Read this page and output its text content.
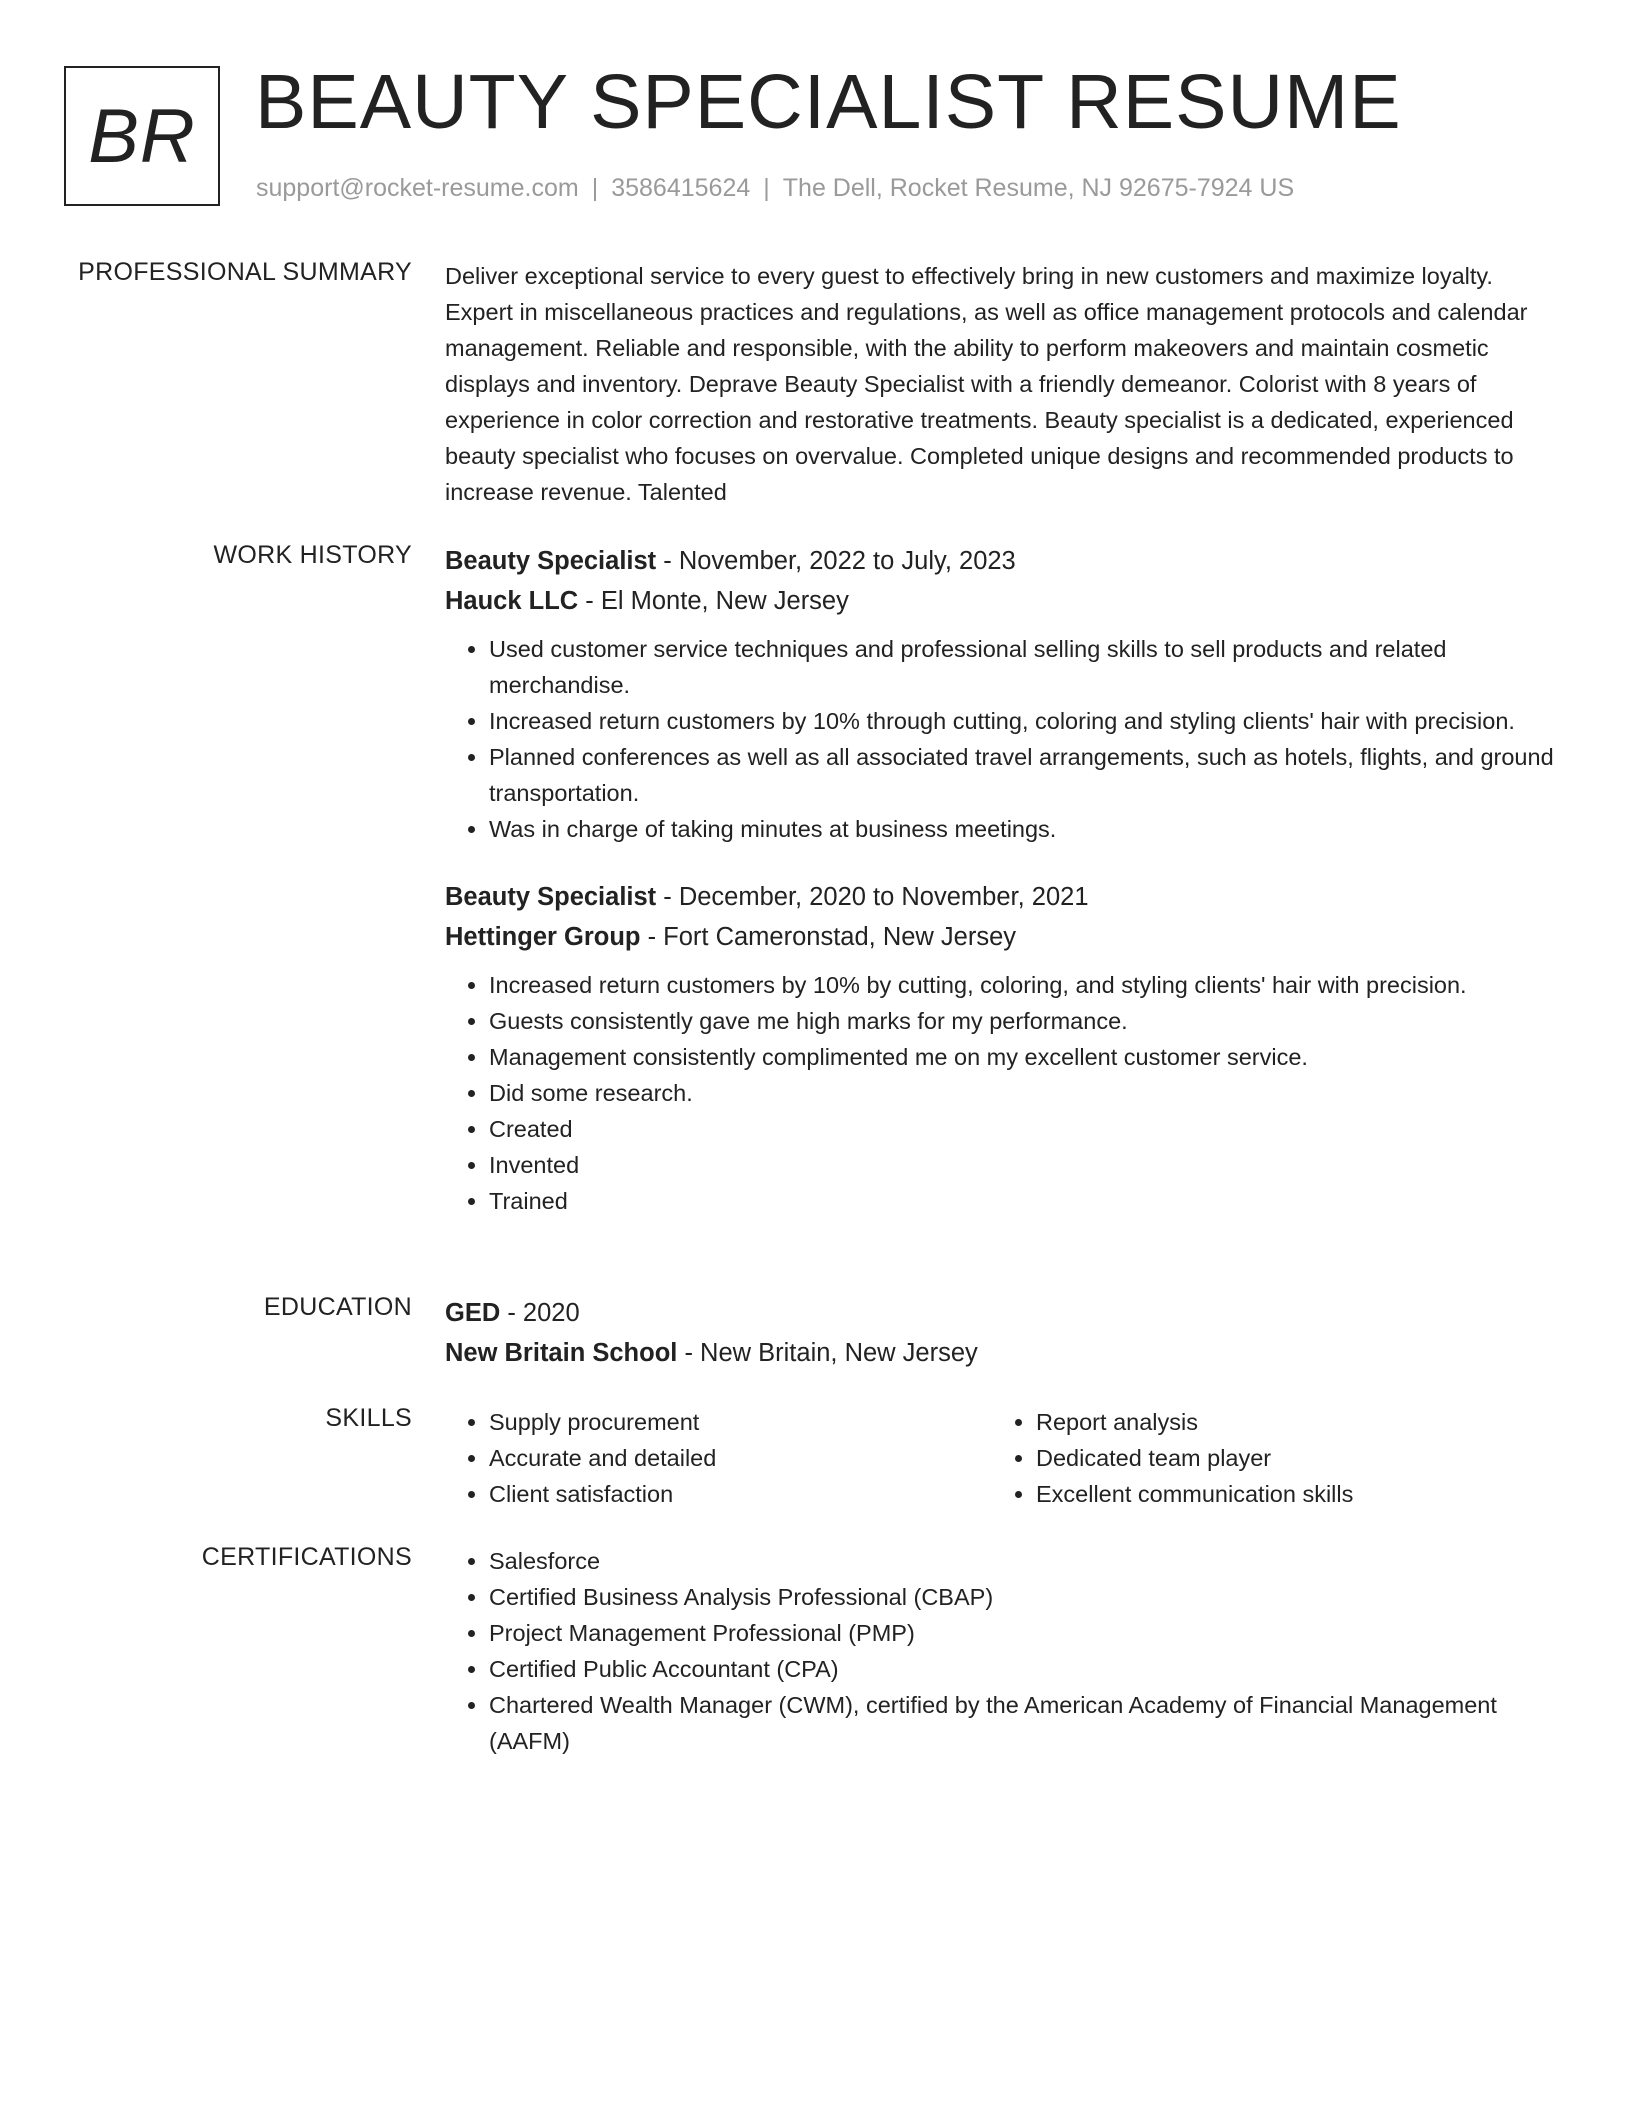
BR BEAUTY SPECIALIST RESUME
support@rocket-resume.com | 3586415624 | The Dell, Rocket Resume, NJ 92675-7924 US
PROFESSIONAL SUMMARY Deliver exceptional service to every guest to effectively bring in new customers and maximize loyalty. Expert in miscellaneous practices and regulations, as well as office management protocols and calendar management. Reliable and responsible, with the ability to perform makeovers and maintain cosmetic displays and inventory. Deprave Beauty Specialist with a friendly demeanor. Colorist with 8 years of experience in color correction and restorative treatments. Beauty specialist is a dedicated, experienced beauty specialist who focuses on overvalue. Completed unique designs and recommended products to increase revenue. Talented

WORK HISTORY Beauty Specialist - November, 2022 to July, 2023
Hauck LLC - El Monte, New Jersey
• Used customer service techniques and professional selling skills to sell products and related merchandise.
• Increased return customers by 10% through cutting, coloring and styling clients' hair with precision.
• Planned conferences as well as all associated travel arrangements, such as hotels, flights, and ground transportation.
• Was in charge of taking minutes at business meetings.
Beauty Specialist - December, 2020 to November, 2021
Hettinger Group - Fort Cameronstad, New Jersey
• Increased return customers by 10% by cutting, coloring, and styling clients' hair with precision.
• Guests consistently gave me high marks for my performance.
• Management consistently complimented me on my excellent customer service.
• Did some research.
• Created
• Invented
• Trained
EDUCATION GED - 2020
New Britain School - New Britain, New Jersey
SKILLS	• Supply procurement
• Accurate and detailed
• Client satisfaction
• Report analysis
• Dedicated team player
• Excellent communication skills
CERTIFICATIONS	• Salesforce
• Certified Business Analysis Professional (CBAP)
• Project Management Professional (PMP)
• Certified Public Accountant (CPA)
• Chartered Wealth Manager (CWM), certified by the American Academy of Financial Management (AAFM)
